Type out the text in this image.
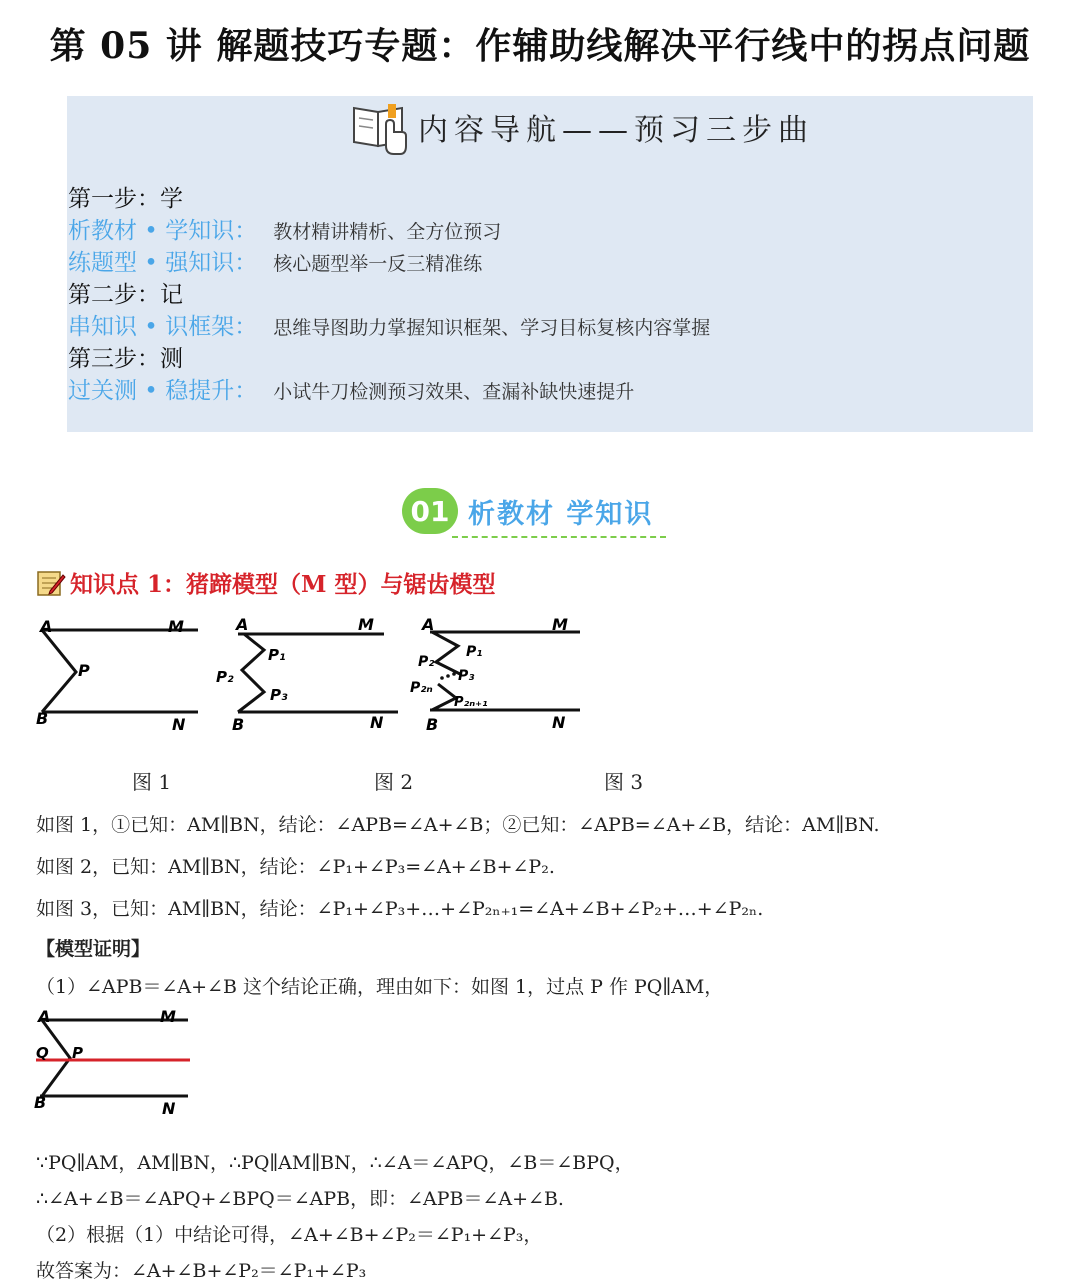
第 05 讲 解题技巧专题：作辅助线解决平行线中的拐点问题
内容导航——预习三步曲
第一步：学
析教材 • 学知识： 教材精讲精析、全方位预习
练题型 • 强知识： 核心题型举一反三精准练
第二步：记
串知识 • 识框架： 思维导图助力掌握知识框架、学习目标复核内容掌握
第三步：测
过关测 • 稳提升： 小试牛刀检测预习效果、查漏补缺快速提升
01 析教材 学知识
知识点 1：猪蹄模型（M 型）与锯齿模型
A	M
P
B	N
A	M
P₁
P₂
P₃
B	N
A	M
P₁
P₂
P₃
P₂ₙ
P₂ₙ₊₁
B	N
图 1	图 2	图 3
如图 1，①已知：AM∥BN，结论：∠APB=∠A+∠B；②已知：∠APB=∠A+∠B，结论：AM∥BN.
如图 2，已知：AM∥BN，结论：∠P₁+∠P₃=∠A+∠B+∠P₂.
如图 3，已知：AM∥BN，结论：∠P₁+∠P₃+…+∠P₂ₙ₊₁=∠A+∠B+∠P₂+…+∠P₂ₙ.
【模型证明】
（1）∠APB＝∠A+∠B 这个结论正确，理由如下：如图 1，过点 P 作 PQ∥AM，
A	M
Q P
B	N
∵PQ∥AM，AM∥BN，∴PQ∥AM∥BN，∴∠A＝∠APQ，∠B＝∠BPQ，
∴∠A+∠B＝∠APQ+∠BPQ＝∠APB，即：∠APB＝∠A+∠B.
（2）根据（1）中结论可得，∠A+∠B+∠P₂＝∠P₁+∠P₃，
故答案为：∠A+∠B+∠P₂＝∠P₁+∠P₃
